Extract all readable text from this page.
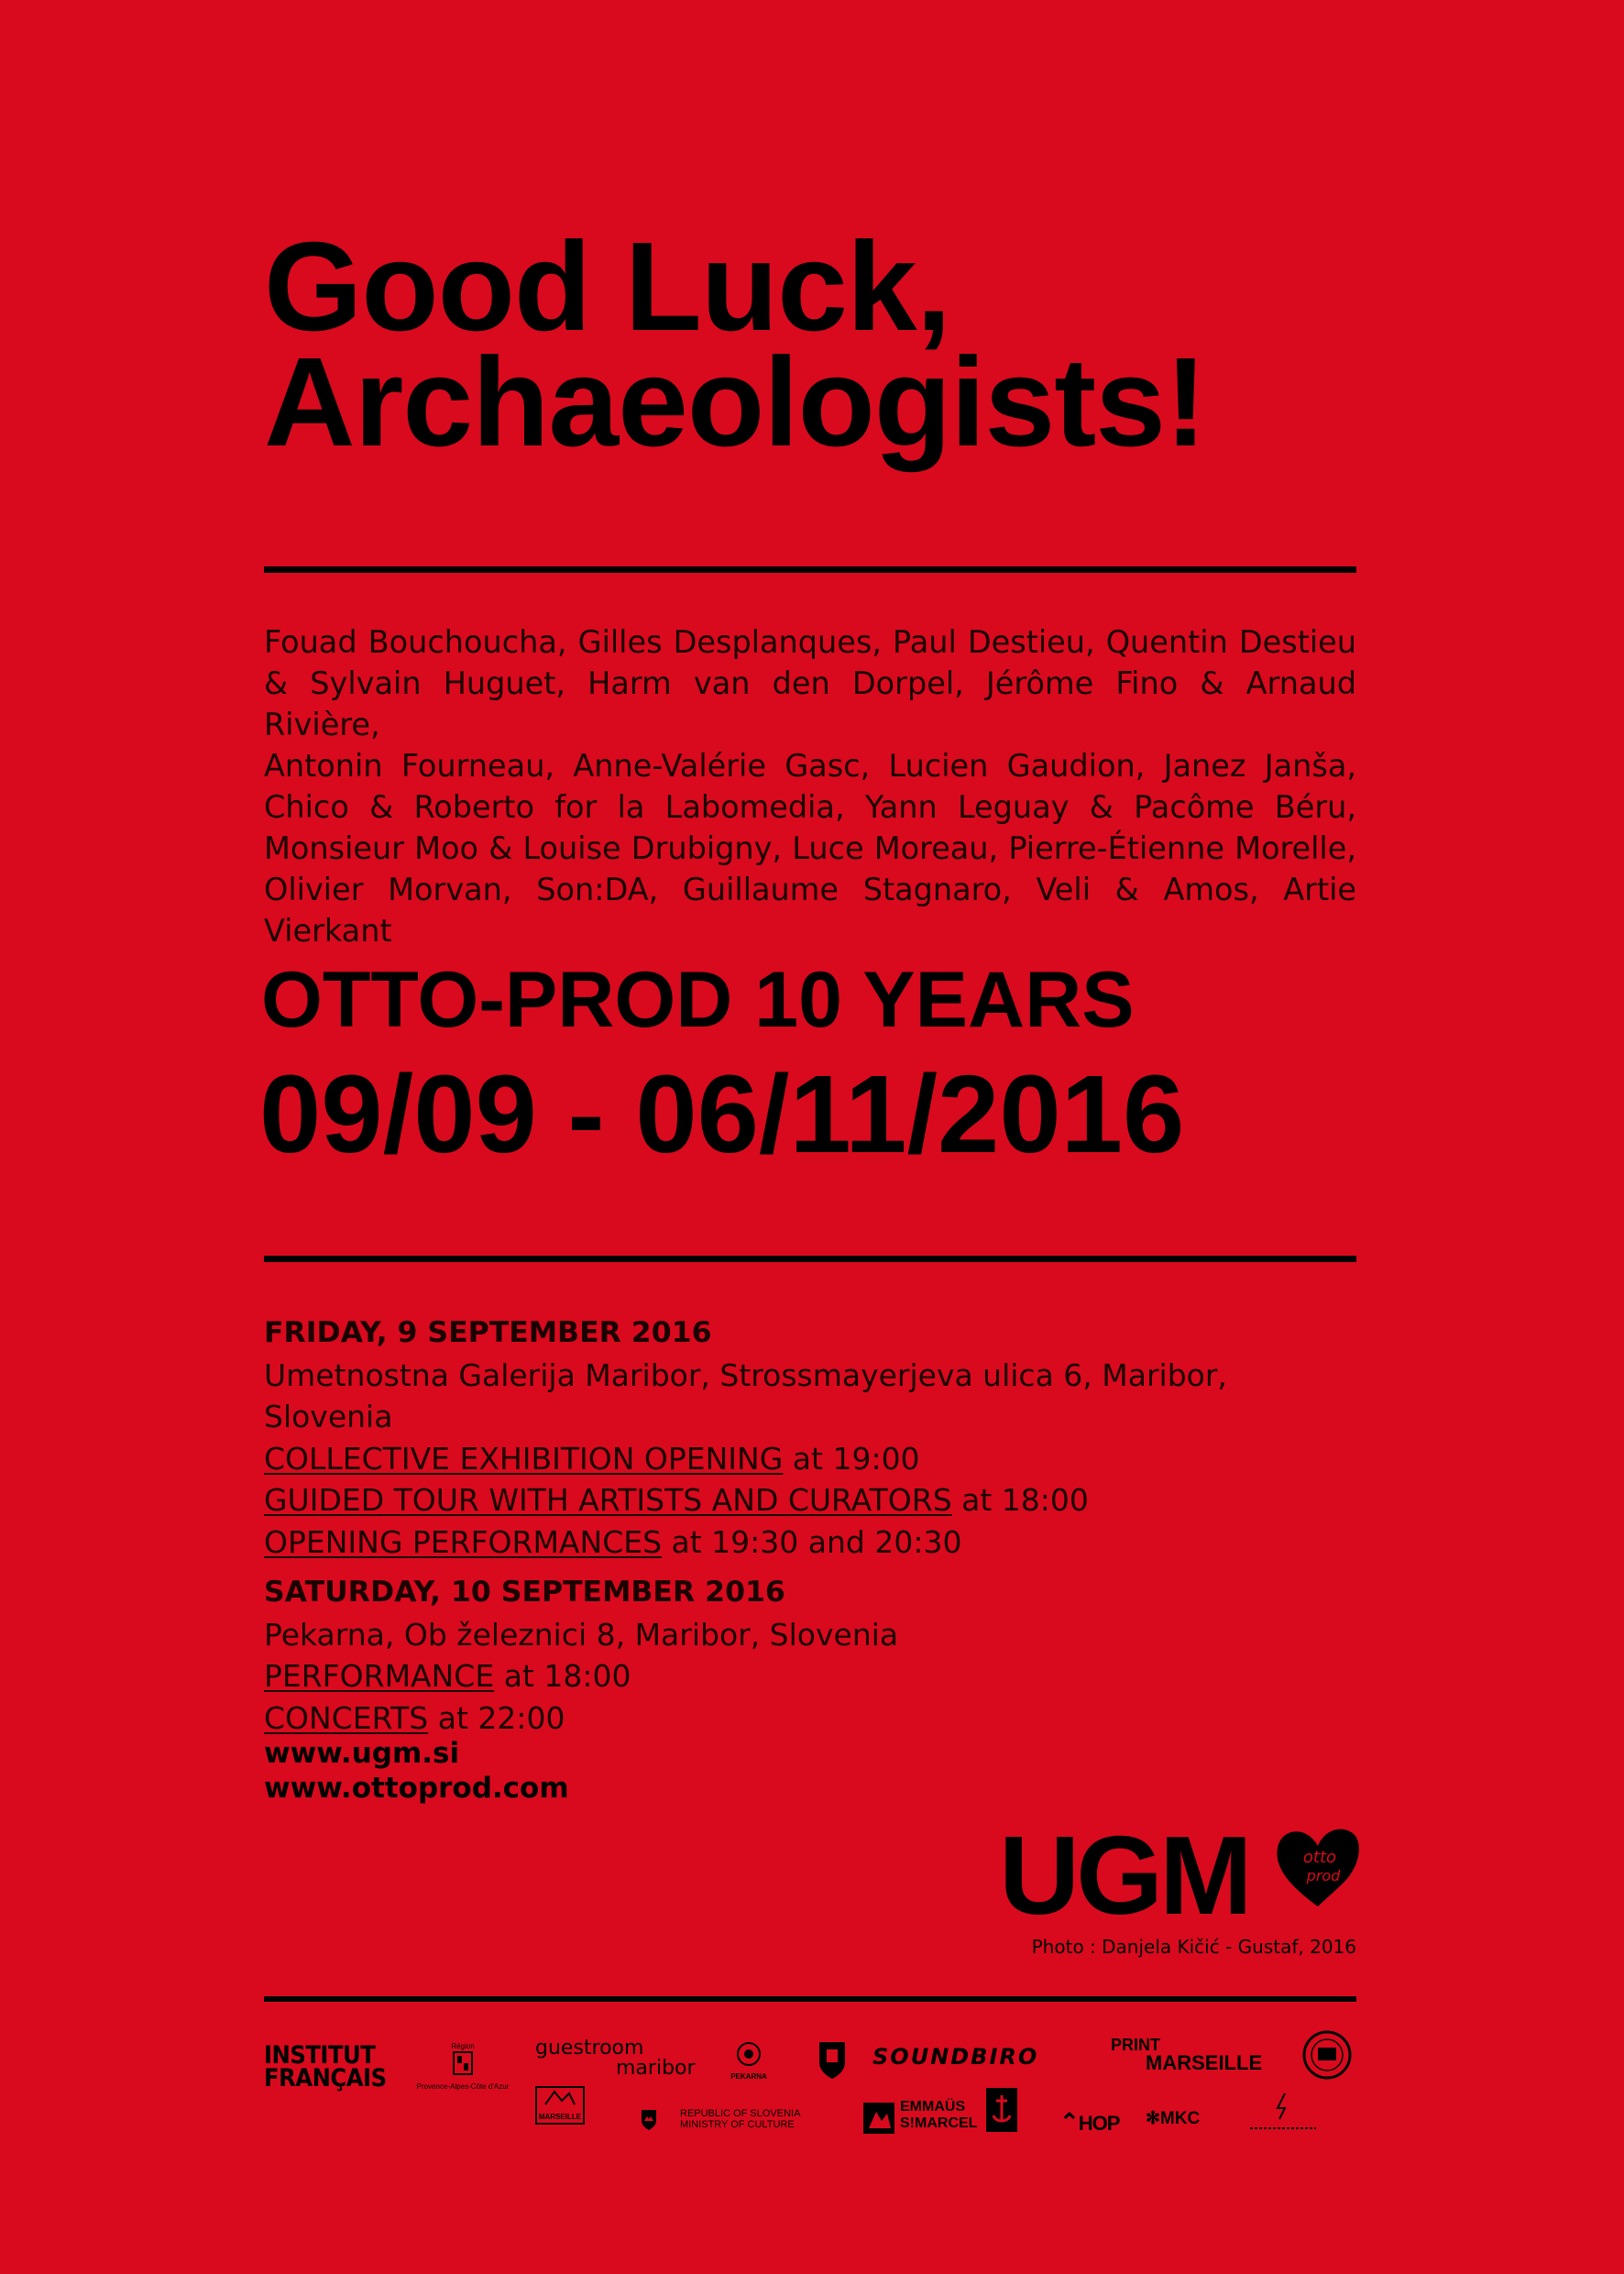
Good Luck,
Archaeologists!
Fouad Bouchoucha, Gilles Desplanques, Paul Destieu, Quentin Destieu
& Sylvain Huguet, Harm van den Dorpel, Jérôme Fino & Arnaud Rivière,
Antonin Fourneau, Anne-Valérie Gasc, Lucien Gaudion, Janez Janša,
Chico & Roberto for la Labomedia, Yann Leguay & Pacôme Béru,
Monsieur Moo & Louise Drubigny, Luce Moreau, Pierre-Étienne Morelle,
Olivier Morvan, Son:DA, Guillaume Stagnaro, Veli & Amos, Artie Vierkant
OTTO-PROD 10 YEARS
09/09 - 06/11/2016
FRIDAY, 9 SEPTEMBER 2016
Umetnostna Galerija Maribor, Strossmayerjeva ulica 6, Maribor, Slovenia
COLLECTIVE EXHIBITION OPENING at 19:00
GUIDED TOUR WITH ARTISTS AND CURATORS at 18:00
OPENING PERFORMANCES at 19:30 and 20:30
SATURDAY, 10 SEPTEMBER 2016
Pekarna, Ob železnici 8, Maribor, Slovenia
PERFORMANCE at 18:00
CONCERTS at 22:00
www.ugm.si
www.ottoprod.com
UGM	otto
prod
Photo : Danjela Kičić - Gustaf, 2016
INSTITUT
FRANÇAIS
Région
Provence-Alpes-Côte d'Azur
guestroom
maribor	PEKARNA
SOUNDBIRO	PRINT
MARSEILLE
MARSEILLE	REPUBLIC OF SLOVENIA
MINISTRY OF CULTURE
EMMAÜS
S!MARCEL	⌃HOP ✻MKC
